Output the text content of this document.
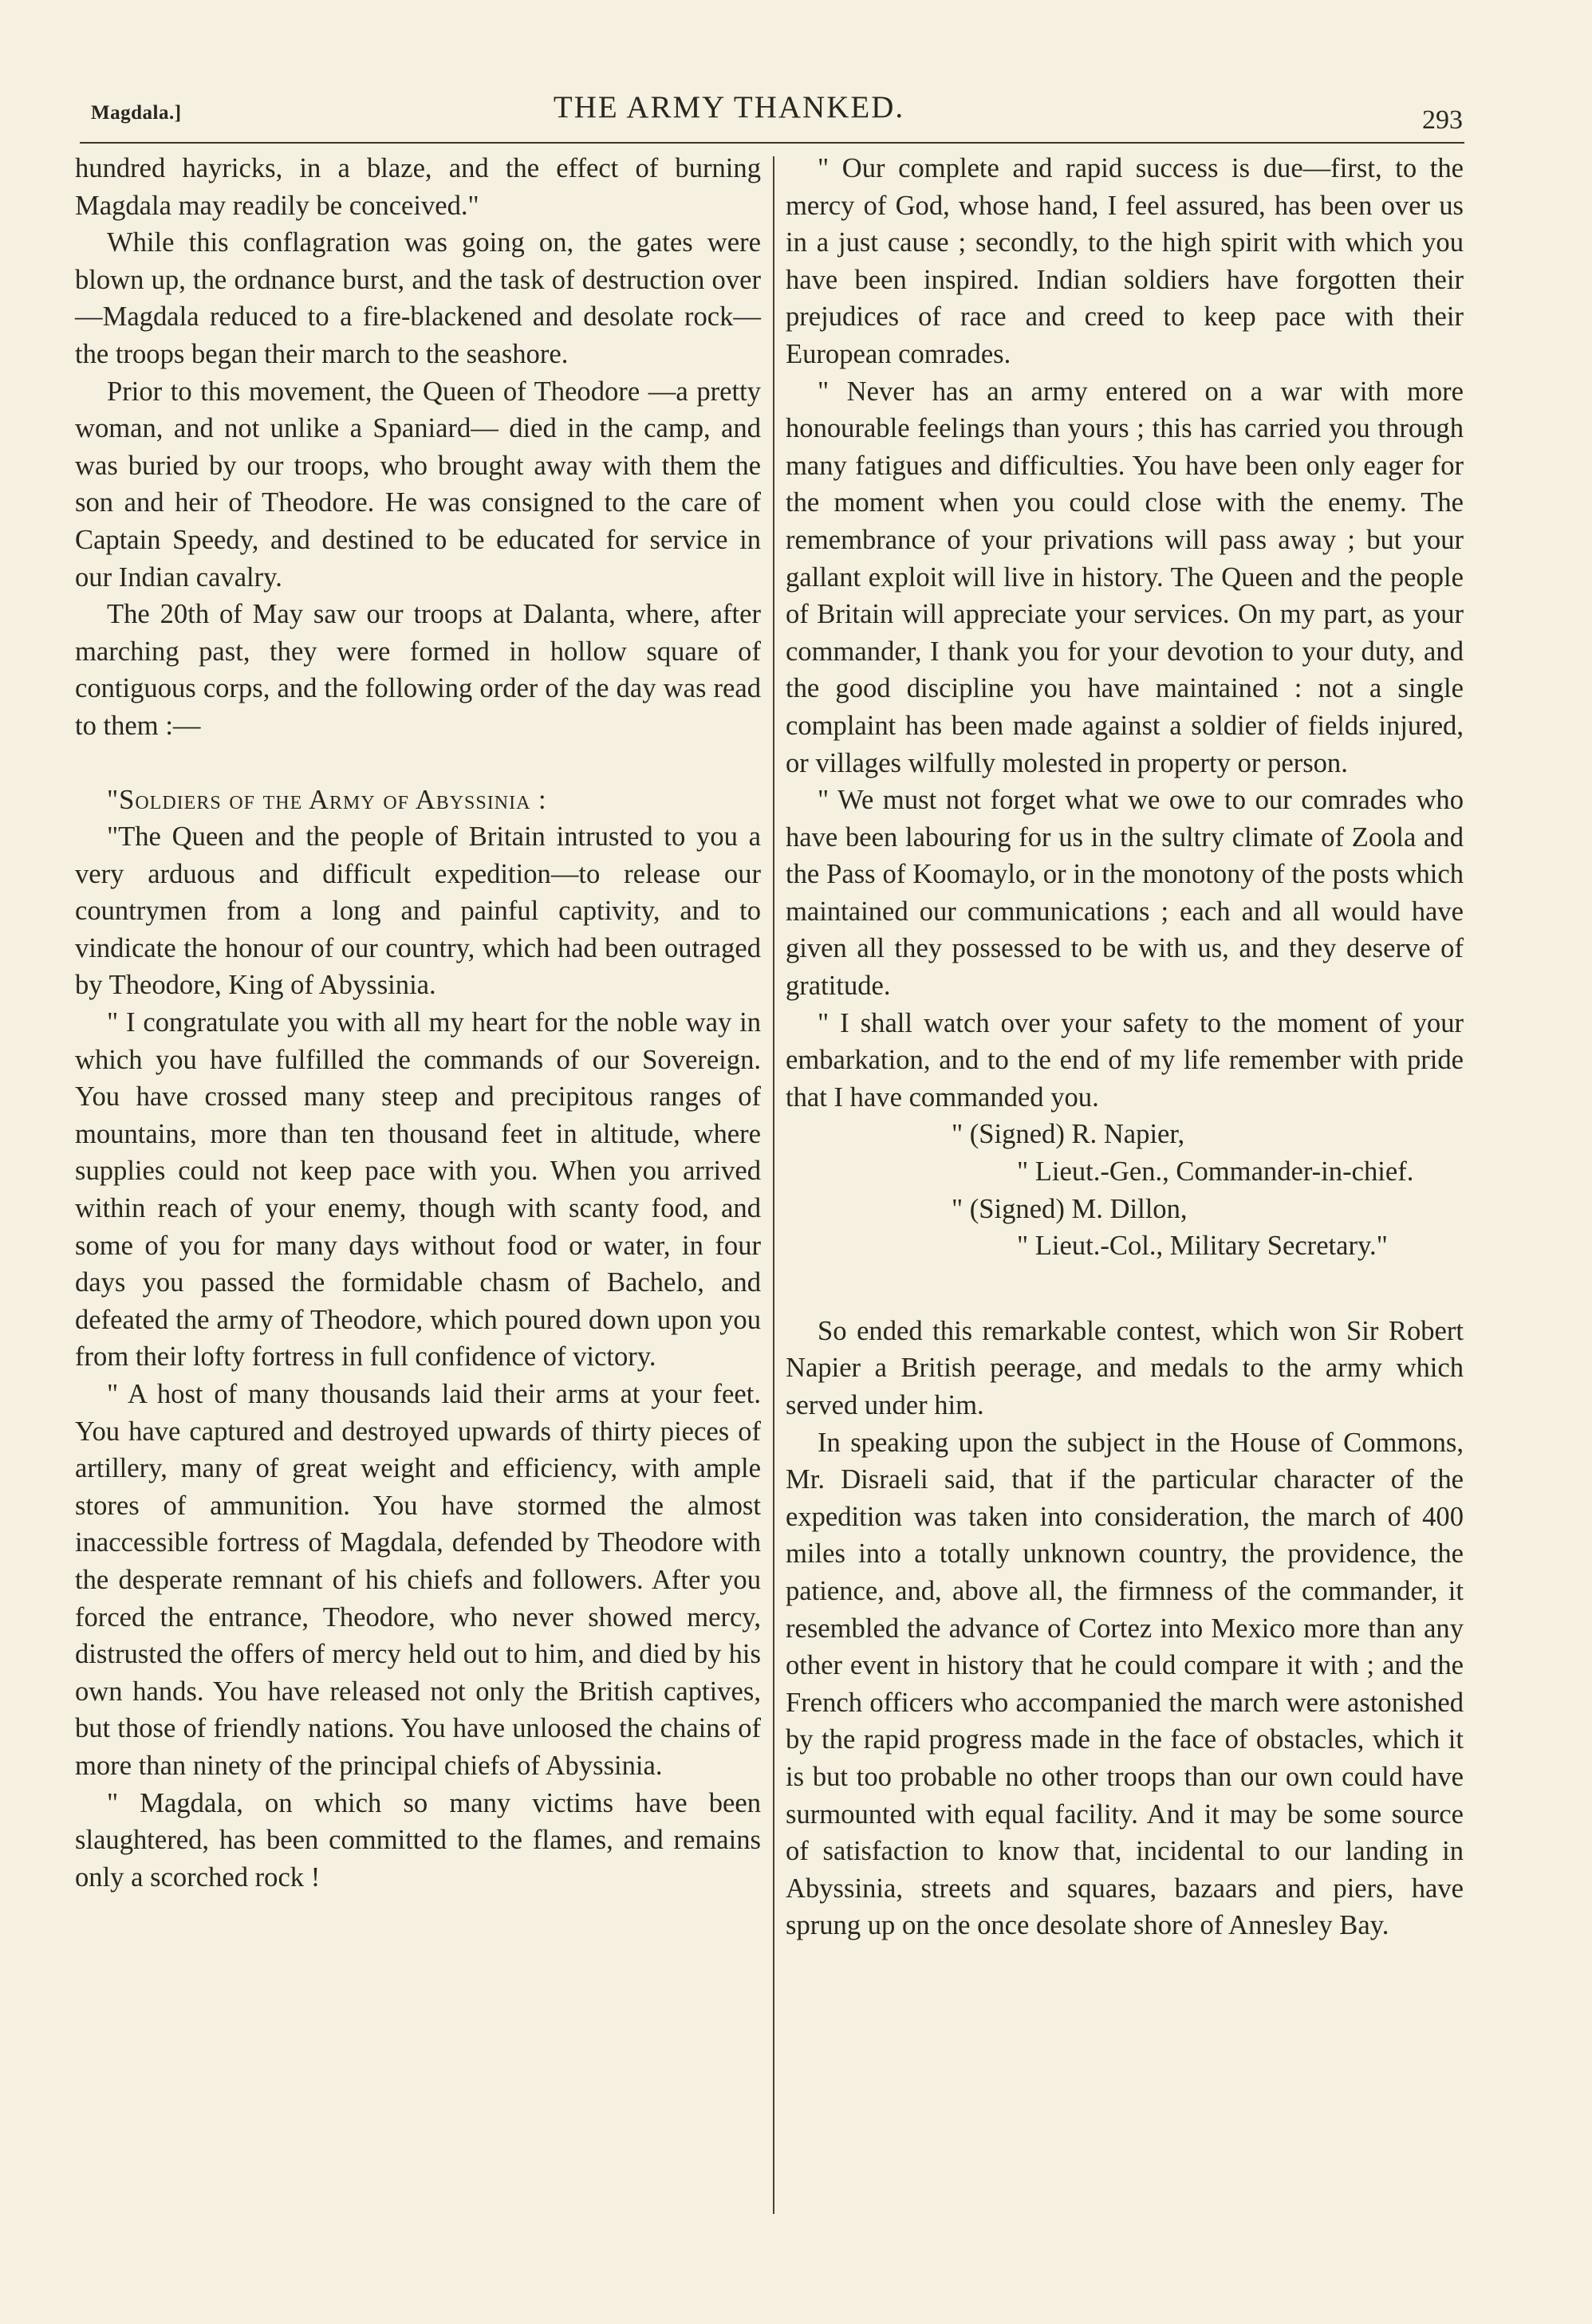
Magdala.]	THE ARMY THANKED.	293

hundred hayricks, in a blaze, and the effect of burning Magdala may readily be conceived."

While this conflagration was going on, the gates were blown up, the ordnance burst, and the task of destruction over—Magdala reduced to a fire-blackened and desolate rock—the troops began their march to the seashore.

Prior to this movement, the Queen of Theodore —a pretty woman, and not unlike a Spaniard— died in the camp, and was buried by our troops, who brought away with them the son and heir of Theodore. He was consigned to the care of Captain Speedy, and destined to be educated for service in our Indian cavalry.

The 20th of May saw our troops at Dalanta, where, after marching past, they were formed in hollow square of contiguous corps, and the following order of the day was read to them :—

"Soldiers of the Army of Abyssinia :

"The Queen and the people of Britain intrusted to you a very arduous and difficult expedition—to release our countrymen from a long and painful captivity, and to vindicate the honour of our country, which had been outraged by Theodore, King of Abyssinia.

" I congratulate you with all my heart for the noble way in which you have fulfilled the commands of our Sovereign. You have crossed many steep and precipitous ranges of mountains, more than ten thousand feet in altitude, where supplies could not keep pace with you. When you arrived within reach of your enemy, though with scanty food, and some of you for many days without food or water, in four days you passed the formidable chasm of Bachelo, and defeated the army of Theodore, which poured down upon you from their lofty fortress in full confidence of victory.

" A host of many thousands laid their arms at your feet. You have captured and destroyed upwards of thirty pieces of artillery, many of great weight and efficiency, with ample stores of ammunition. You have stormed the almost inaccessible fortress of Magdala, defended by Theodore with the desperate remnant of his chiefs and followers. After you forced the entrance, Theodore, who never showed mercy, distrusted the offers of mercy held out to him, and died by his own hands. You have released not only the British captives, but those of friendly nations. You have unloosed the chains of more than ninety of the principal chiefs of Abyssinia.

" Magdala, on which so many victims have been slaughtered, has been committed to the flames, and remains only a scorched rock !

" Our complete and rapid success is due—first, to the mercy of God, whose hand, I feel assured, has been over us in a just cause ; secondly, to the high spirit with which you have been inspired. Indian soldiers have forgotten their prejudices of race and creed to keep pace with their European comrades.

" Never has an army entered on a war with more honourable feelings than yours ; this has carried you through many fatigues and difficulties. You have been only eager for the moment when you could close with the enemy. The remembrance of your privations will pass away ; but your gallant exploit will live in history. The Queen and the people of Britain will appreciate your services. On my part, as your commander, I thank you for your devotion to your duty, and the good discipline you have maintained : not a single complaint has been made against a soldier of fields injured, or villages wilfully molested in property or person.

" We must not forget what we owe to our comrades who have been labouring for us in the sultry climate of Zoola and the Pass of Koomaylo, or in the monotony of the posts which maintained our communications ; each and all would have given all they possessed to be with us, and they deserve of gratitude.

" I shall watch over your safety to the moment of your embarkation, and to the end of my life remember with pride that I have commanded you.

" (Signed) R. Napier,

" Lieut.-Gen., Commander-in-chief.

" (Signed) M. Dillon,

" Lieut.-Col., Military Secretary."

So ended this remarkable contest, which won Sir Robert Napier a British peerage, and medals to the army which served under him.

In speaking upon the subject in the House of Commons, Mr. Disraeli said, that if the particular character of the expedition was taken into consideration, the march of 400 miles into a totally unknown country, the providence, the patience, and, above all, the firmness of the commander, it resembled the advance of Cortez into Mexico more than any other event in history that he could compare it with ; and the French officers who accompanied the march were astonished by the rapid progress made in the face of obstacles, which it is but too probable no other troops than our own could have surmounted with equal facility. And it may be some source of satisfaction to know that, incidental to our landing in Abyssinia, streets and squares, bazaars and piers, have sprung up on the once desolate shore of Annesley Bay.
